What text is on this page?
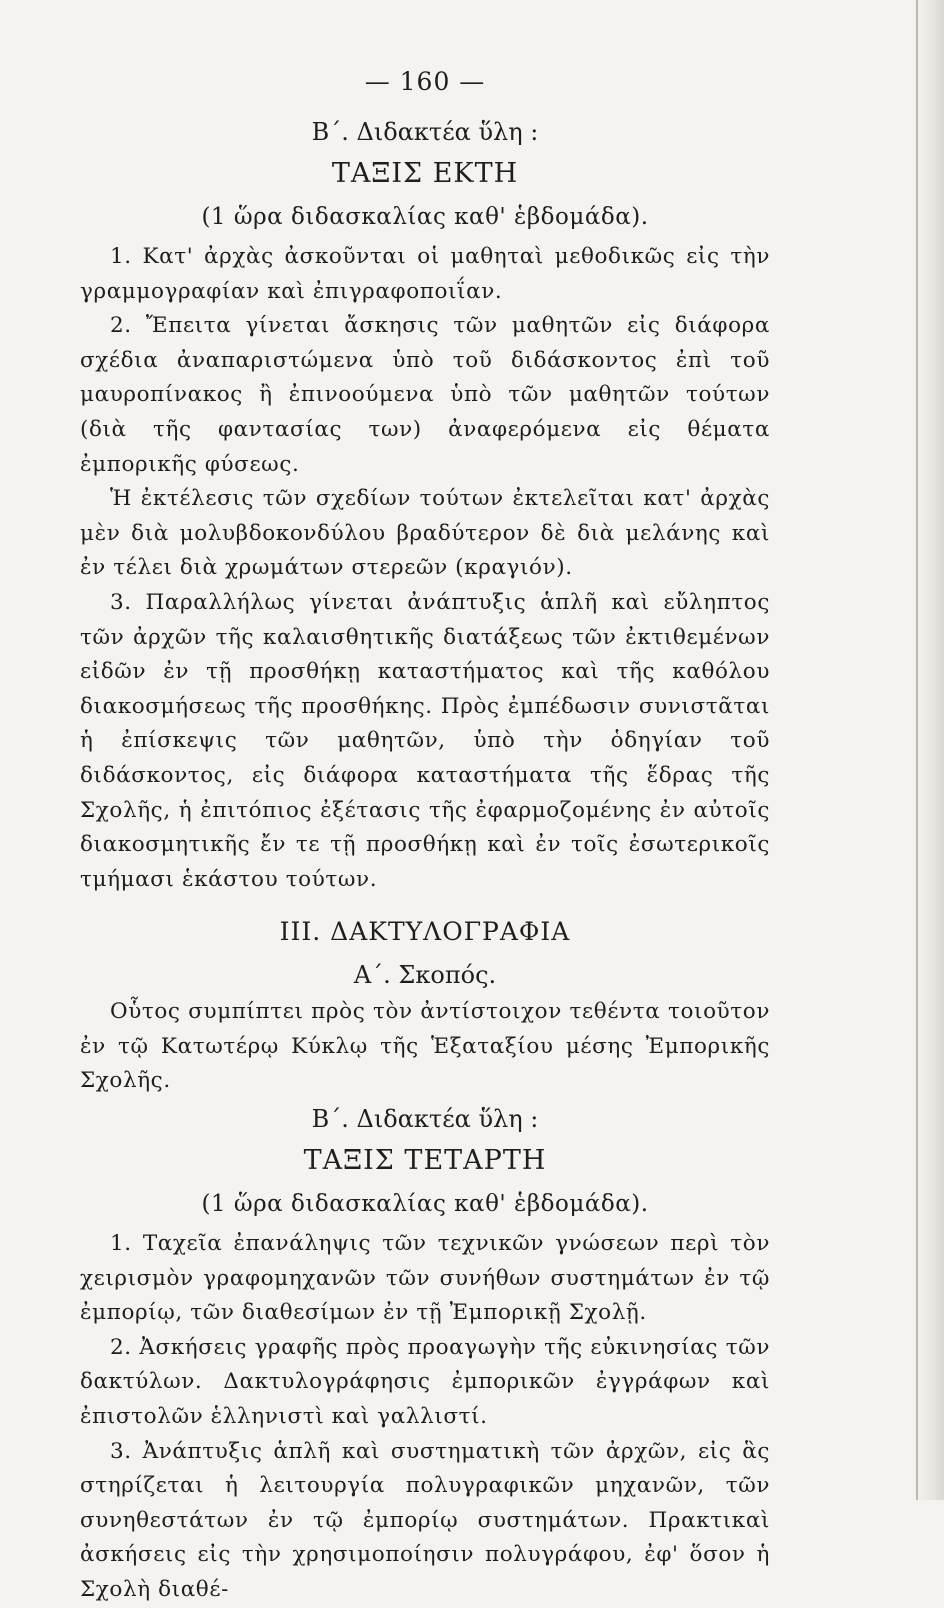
— 160 —
Β΄. Διδακτέα ὕλη :
ΤΑΞΙΣ ΕΚΤΗ
(1 ὥρα διδασκαλίας καθ' ἑβδομάδα).

1. Κατ' ἀρχὰς ἀσκοῦνται οἱ μαθηταὶ μεθοδικῶς εἰς τὴν γραμμογραφίαν καὶ ἐπιγραφοποιΐαν.

2. Ἔπειτα γίνεται ἄσκησις τῶν μαθητῶν εἰς διάφορα σχέδια ἀναπαριστώμενα ὑπὸ τοῦ διδάσκοντος ἐπὶ τοῦ μαυροπίνακος ἢ ἐπινοούμενα ὑπὸ τῶν μαθητῶν τούτων (διὰ τῆς φαντασίας των) ἀναφερόμενα εἰς θέματα ἐμπορικῆς φύσεως.

Ἡ ἐκτέλεσις τῶν σχεδίων τούτων ἐκτελεῖται κατ' ἀρχὰς μὲν διὰ μολυβδοκονδύλου βραδύτερον δὲ διὰ μελάνης καὶ ἐν τέλει διὰ χρωμάτων στερεῶν (κραγιόν).

3. Παραλλήλως γίνεται ἀνάπτυξις ἁπλῆ καὶ εὔληπτος τῶν ἀρχῶν τῆς καλαισθητικῆς διατάξεως τῶν ἐκτιθεμένων εἰδῶν ἐν τῇ προσθήκῃ καταστήματος καὶ τῆς καθόλου διακοσμήσεως τῆς προσθήκης. Πρὸς ἐμπέδωσιν συνιστᾶται ἡ ἐπίσκεψις τῶν μαθητῶν, ὑπὸ τὴν ὁδηγίαν τοῦ διδάσκοντος, εἰς διάφορα καταστήματα τῆς ἕδρας τῆς Σχολῆς, ἡ ἐπιτόπιος ἐξέτασις τῆς ἐφαρμοζομένης ἐν αὐτοῖς διακοσμητικῆς ἔν τε τῇ προσθήκῃ καὶ ἐν τοῖς ἐσωτερικοῖς τμήμασι ἑκάστου τούτων.

III. ΔΑΚΤΥΛΟΓΡΑΦΙΑ
Α΄. Σκοπός.

Οὗτος συμπίπτει πρὸς τὸν ἀντίστοιχον τεθέντα τοιοῦτον ἐν τῷ Κατωτέρῳ Κύκλῳ τῆς Ἑξαταξίου μέσης Ἐμπορικῆς Σχολῆς.

Β΄. Διδακτέα ὕλη :
ΤΑΞΙΣ ΤΕΤΑΡΤΗ
(1 ὥρα διδασκαλίας καθ' ἑβδομάδα).

1. Ταχεῖα ἐπανάληψις τῶν τεχνικῶν γνώσεων περὶ τὸν χειρισμὸν γραφομηχανῶν τῶν συνήθων συστημάτων ἐν τῷ ἐμπορίῳ, τῶν διαθεσίμων ἐν τῇ Ἐμπορικῇ Σχολῇ.

2. Ἀσκήσεις γραφῆς πρὸς προαγωγὴν τῆς εὐκινησίας τῶν δακτύλων. Δακτυλογράφησις ἐμπορικῶν ἐγγράφων καὶ ἐπιστολῶν ἑλληνιστὶ καὶ γαλλιστί.

3. Ἀνάπτυξις ἁπλῆ καὶ συστηματικὴ τῶν ἀρχῶν, εἰς ἃς στηρίζεται ἡ λειτουργία πολυγραφικῶν μηχανῶν, τῶν συνηθεστάτων ἐν τῷ ἐμπορίῳ συστημάτων. Πρακτικαὶ ἀσκήσεις εἰς τὴν χρησιμοποίησιν πολυγράφου, ἐφ' ὅσον ἡ Σχολὴ διαθέ-
